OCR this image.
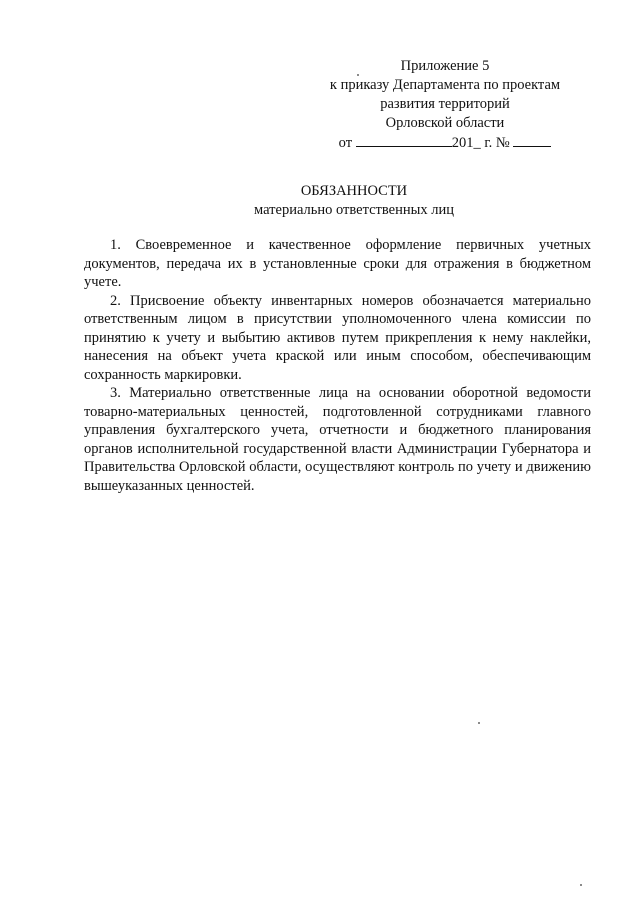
Приложение 5
к приказу Департамента по проектам
развития территорий
Орловской области
от	201_ г. №
ОБЯЗАННОСТИ
материально ответственных лиц

1. Своевременное и качественное оформление первичных учетных документов, передача их в установленные сроки для отражения в бюджетном учете.

2. Присвоение объекту инвентарных номеров обозначается материально ответственным лицом в присутствии уполномоченного члена комиссии по принятию к учету и выбытию активов путем прикрепления к нему наклейки, нанесения на объект учета краской или иным способом, обеспечивающим сохранность маркировки.

3. Материально ответственные лица на основании оборотной ведомости товарно-материальных ценностей, подготовленной сотрудниками главного управления бухгалтерского учета, отчетности и бюджетного планирования органов исполнительной государственной власти Администрации Губернатора и Правительства Орловской области, осуществляют контроль по учету и движению вышеуказанных ценностей.
